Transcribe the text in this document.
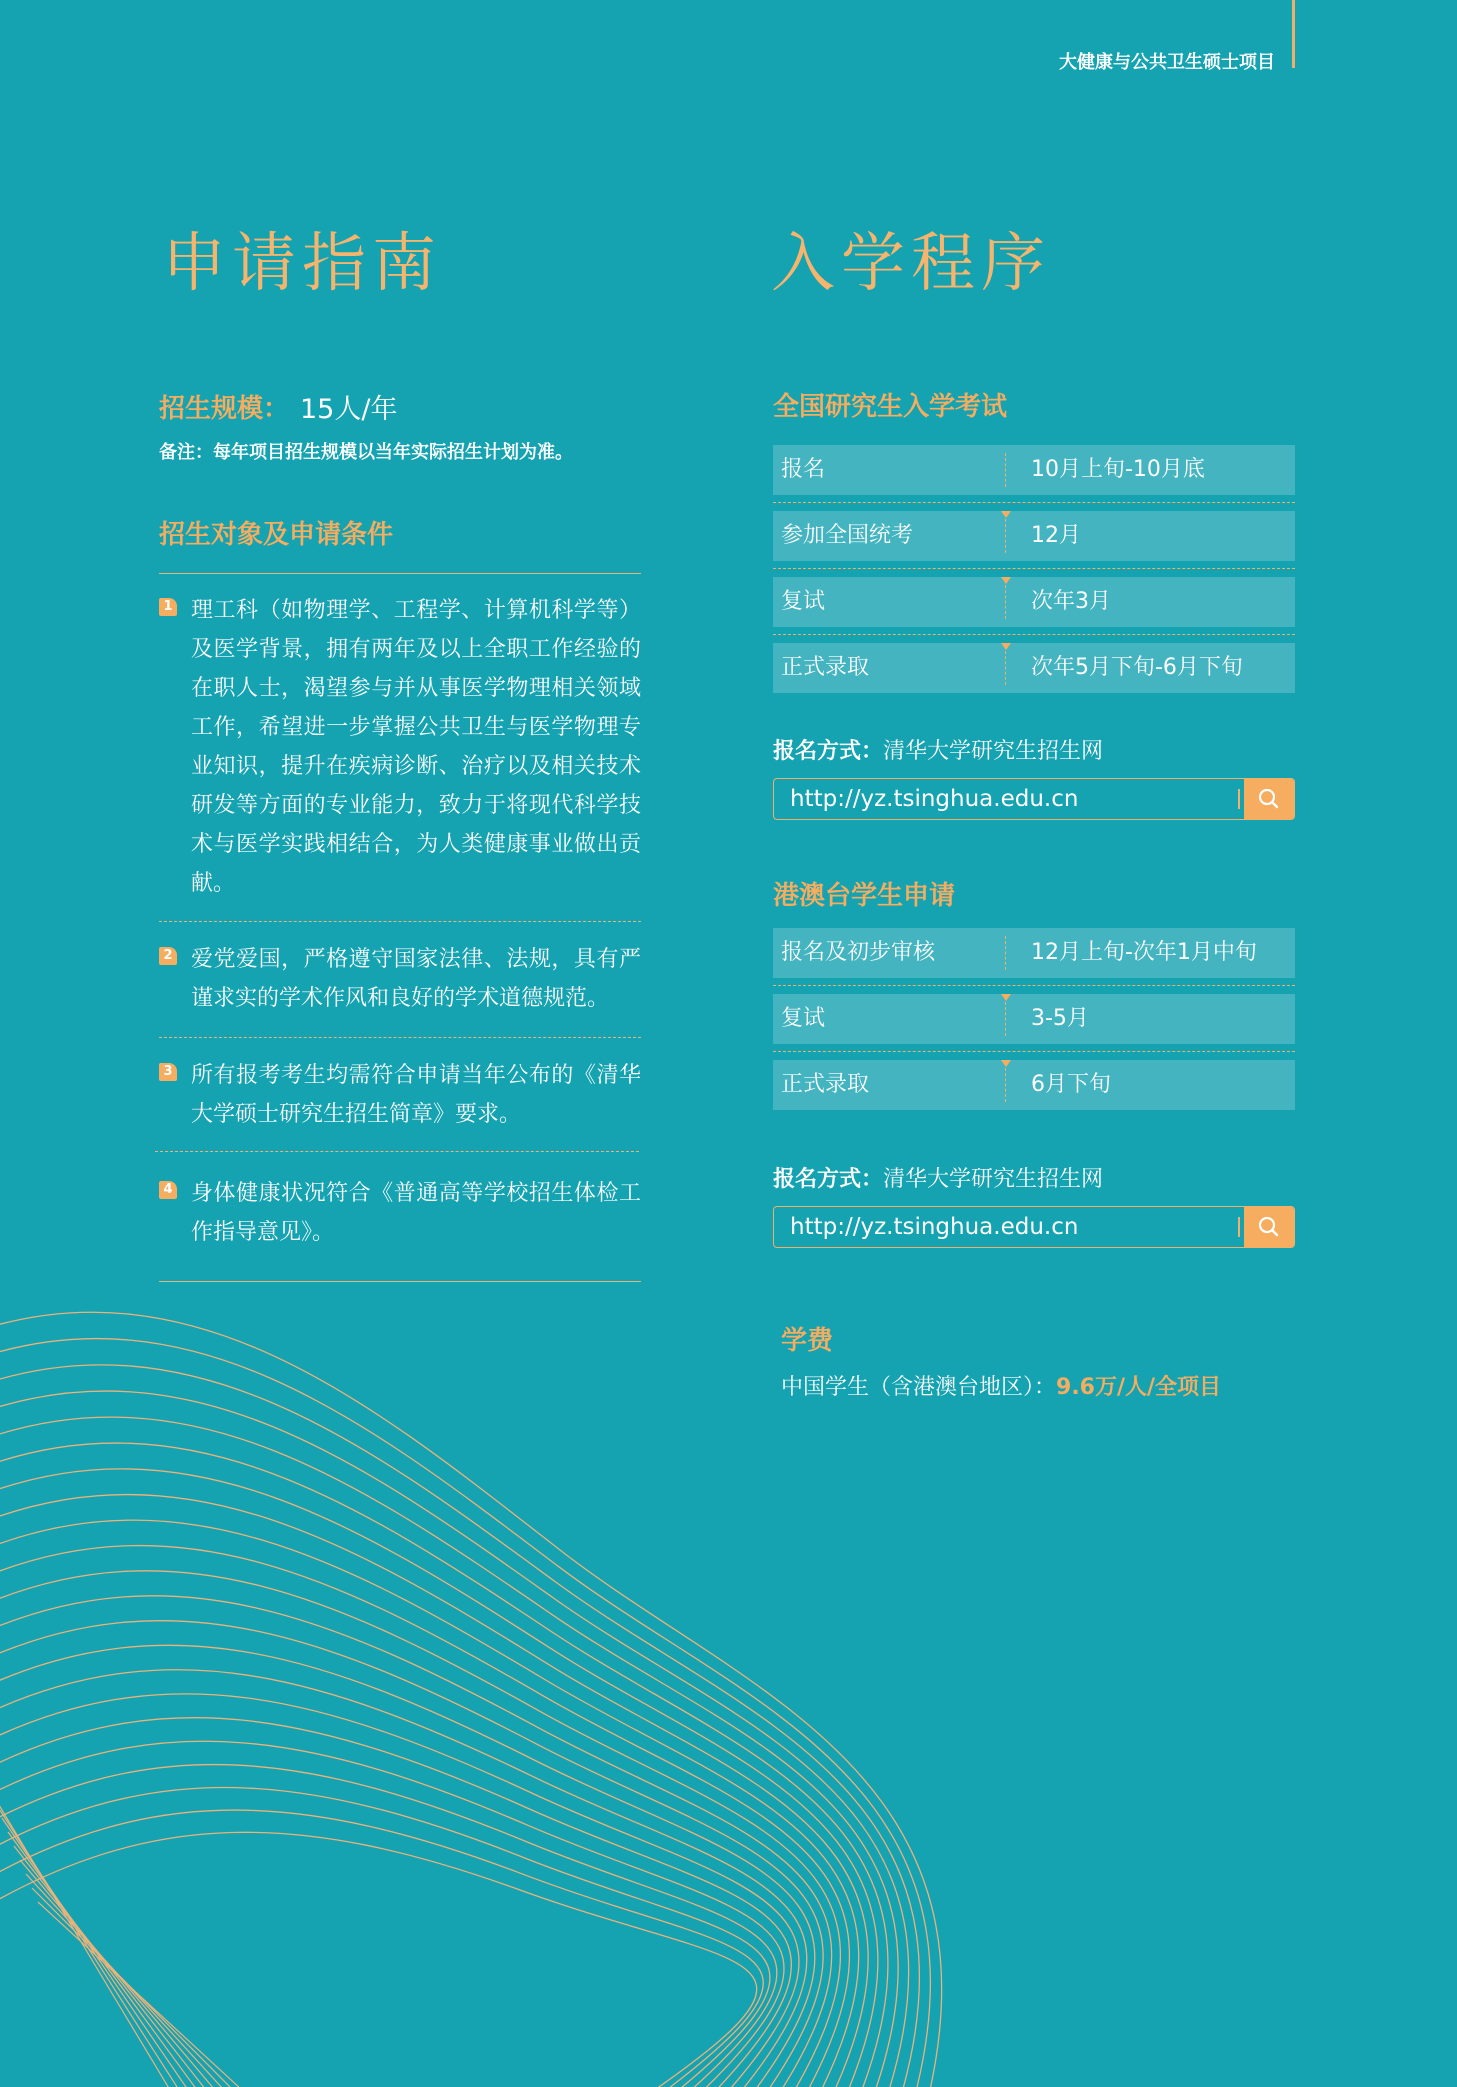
大健康与公共卫生硕士项目
申请指南
招生规模： 15人/年
备注：每年项目招生规模以当年实际招生计划为准。
招生对象及申请条件
1 理工科（如物理学、工程学、计算机科学等）及医学背景，拥有两年及以上全职工作经验的在职人士，渴望参与并从事医学物理相关领域工作，希望进一步掌握公共卫生与医学物理专业知识，提升在疾病诊断、治疗以及相关技术研发等方面的专业能力，致力于将现代科学技术与医学实践相结合，为人类健康事业做出贡献。
2 爱党爱国，严格遵守国家法律、法规，具有严谨求实的学术作风和良好的学术道德规范。
3 所有报考考生均需符合申请当年公布的《清华大学硕士研究生招生简章》要求。
4 身体健康状况符合《普通高等学校招生体检工作指导意见》。
入学程序
全国研究生入学考试
报名	10月上旬-10月底
参加全国统考	12月
复试	次年3月
正式录取	次年5月下旬-6月下旬
报名方式：清华大学研究生招生网
http://yz.tsinghua.edu.cn
港澳台学生申请
报名及初步审核	12月上旬-次年1月中旬
复试	3-5月
正式录取	6月下旬
报名方式：清华大学研究生招生网
http://yz.tsinghua.edu.cn
学费
中国学生（含港澳台地区）：9.6万/人/全项目
